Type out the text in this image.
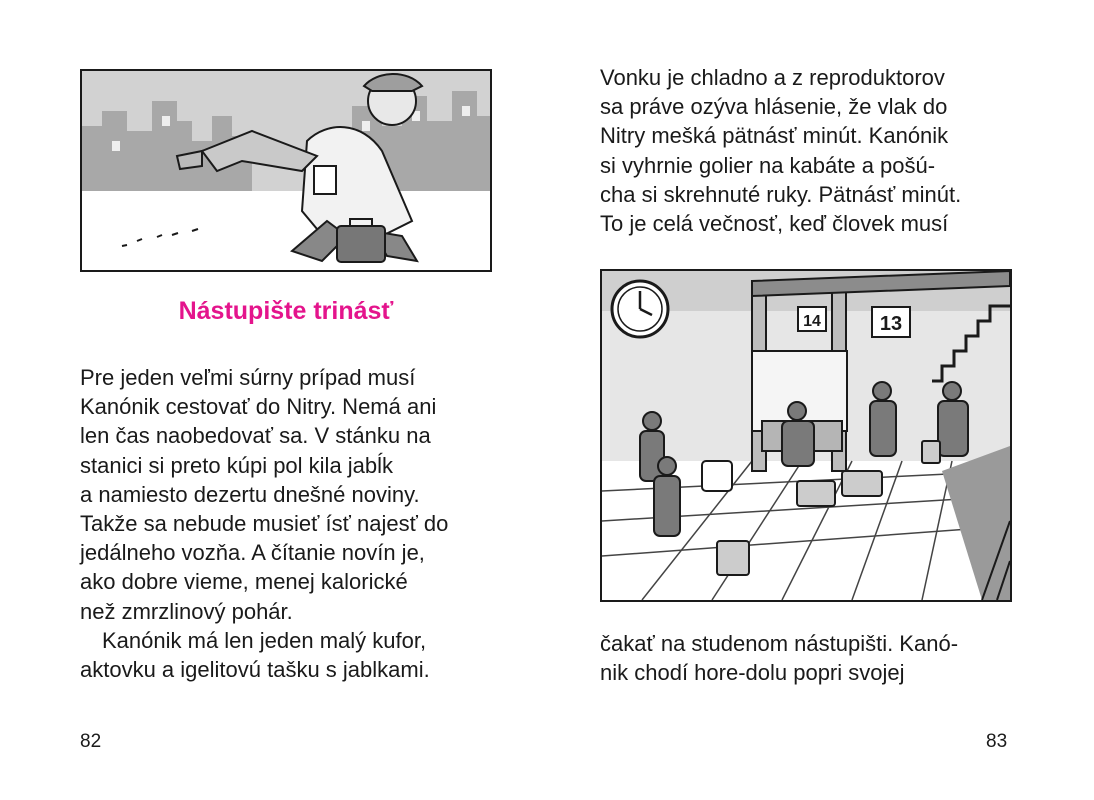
Nástupište trinásť
Pre jeden veľmi súrny prípad musí
Kanónik cestovať do Nitry. Nemá ani
len čas naobedovať sa. V stánku na
stanici si preto kúpi pol kila jabĺk
a namiesto dezertu dnešné noviny.
Takže sa nebude musieť ísť najesť do
jedálneho vozňa. A čítanie novín je,
ako dobre vieme, menej kalorické
než zmrzlinový pohár.
Kanónik má len jeden malý kufor,
aktovku a igelitovú tašku s jablkami.
82
Vonku je chladno a z reproduktorov
sa práve ozýva hlásenie, že vlak do
Nitry mešká pätnásť minút. Kanónik
si vyhrnie golier na kabáte a pošú-
cha si skrehnuté ruky. Pätnásť minút.
To je celá večnosť, keď človek musí
14	13
čakať na studenom nástupišti. Kanó-
nik chodí hore-dolu popri svojej
83
